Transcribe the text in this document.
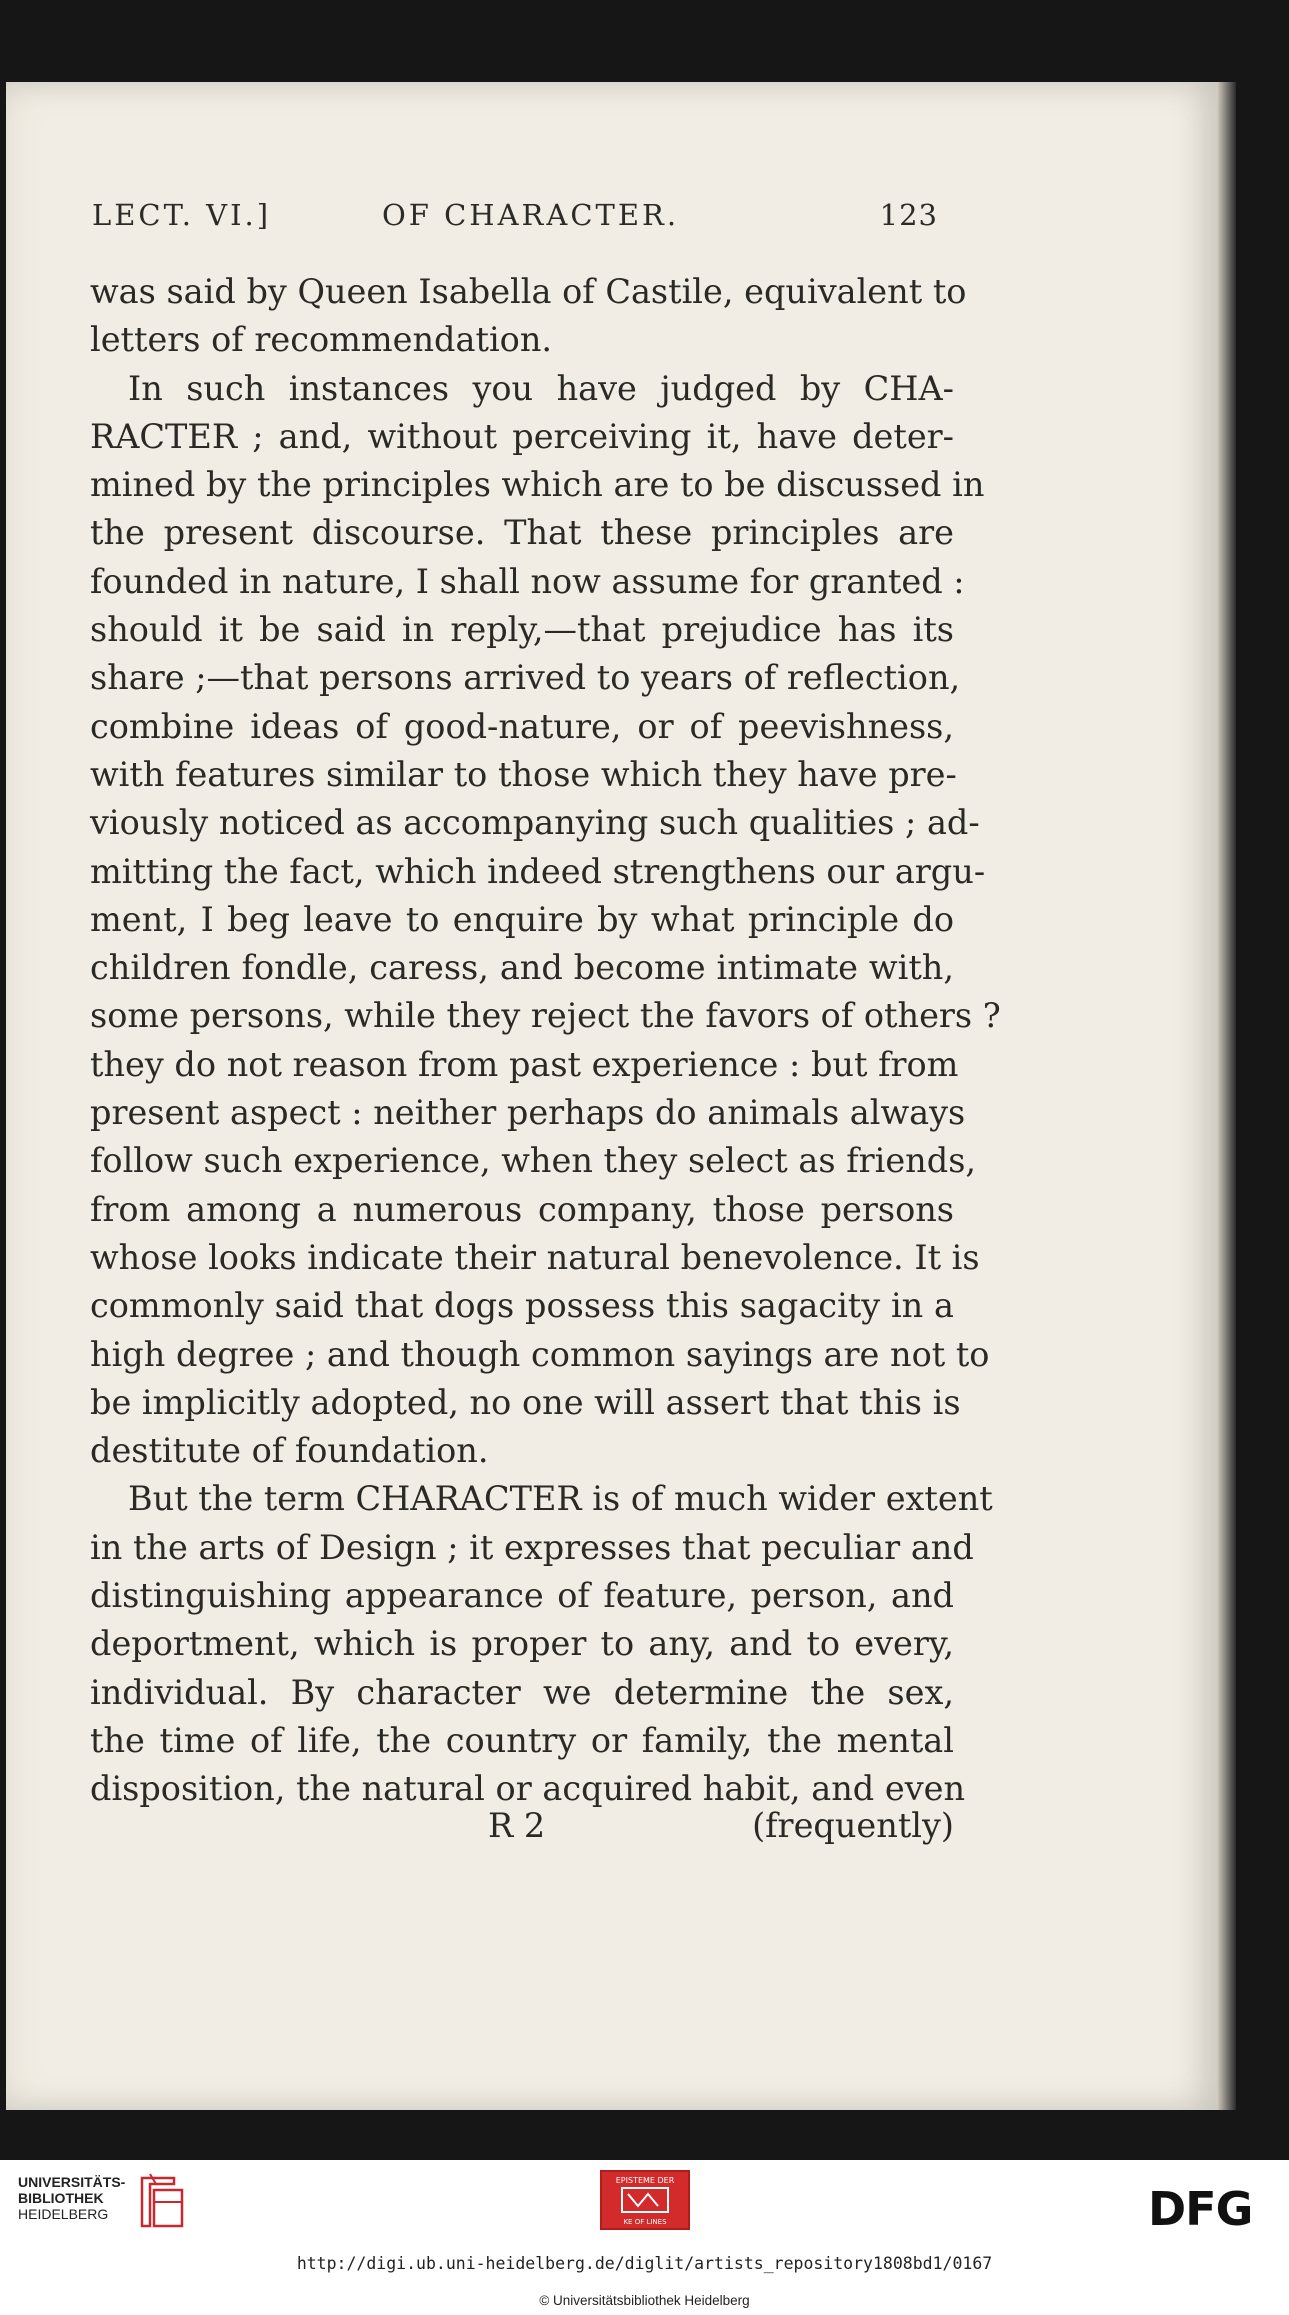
LECT. VI.]	OF CHARACTER.	123
was said by Queen Isabella of Castile, equivalent to
letters of recommendation.
In such instances you have judged by CHA-
RACTER ; and, without perceiving it, have deter-
mined by the principles which are to be discussed in
the present discourse. That these principles are
founded in nature, I shall now assume for granted :
should it be said in reply,—that prejudice has its
share ;—that persons arrived to years of reflection,
combine ideas of good-nature, or of peevishness,
with features similar to those which they have pre-
viously noticed as accompanying such qualities ; ad-
mitting the fact, which indeed strengthens our argu-
ment, I beg leave to enquire by what principle do
children fondle, caress, and become intimate with,
some persons, while they reject the favors of others ?
they do not reason from past experience : but from
present aspect : neither perhaps do animals always
follow such experience, when they select as friends,
from among a numerous company, those persons
whose looks indicate their natural benevolence. It is
commonly said that dogs possess this sagacity in a
high degree ; and though common sayings are not to
be implicitly adopted, no one will assert that this is
destitute of foundation.
But the term CHARACTER is of much wider extent
in the arts of Design ; it expresses that peculiar and
distinguishing appearance of feature, person, and
deportment, which is proper to any, and to every,
individual. By character we determine the sex,
the time of life, the country or family, the mental
disposition, the natural or acquired habit, and even
R 2	(frequently)
UNIVERSITÄTS-
BIBLIOTHEK
HEIDELBERG
EPISTEME DER
KE OF LINES	DFG
http://digi.ub.uni-heidelberg.de/diglit/artists_repository1808bd1/0167
© Universitätsbibliothek Heidelberg
